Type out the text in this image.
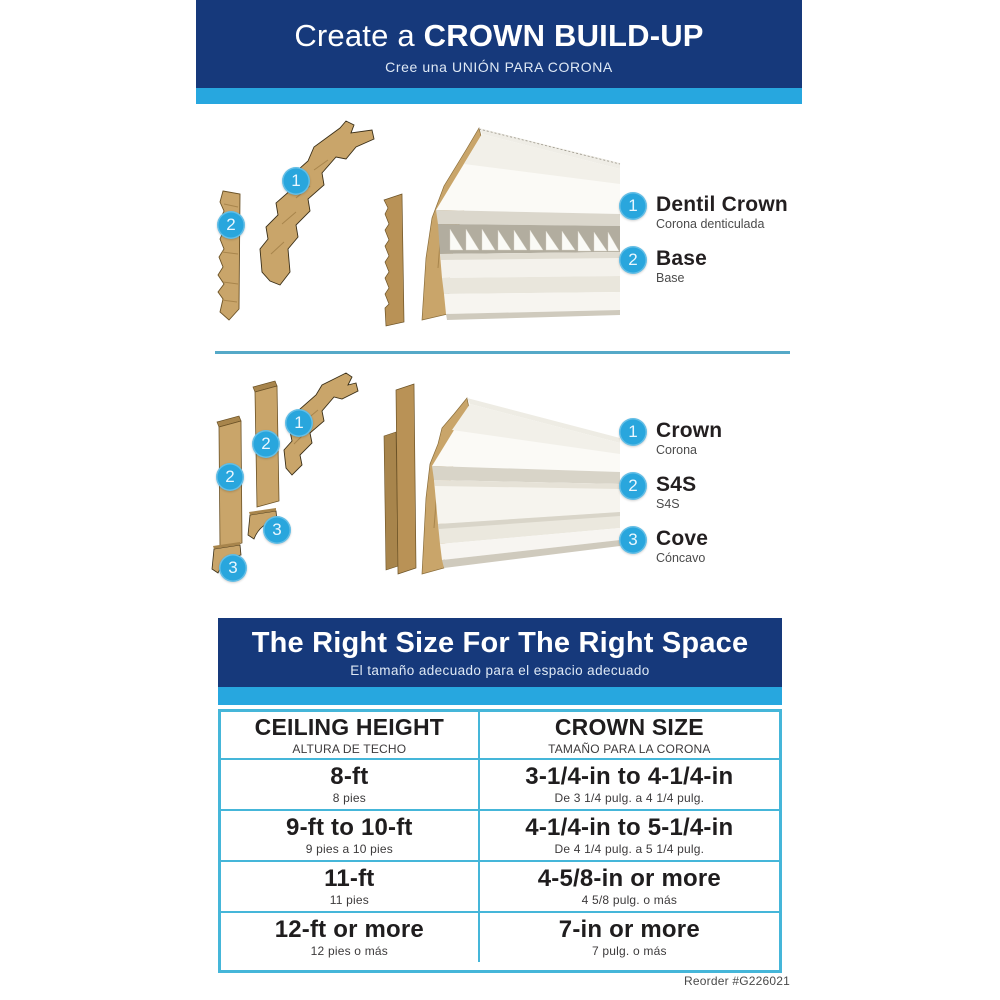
Create a CROWN BUILD-UP
Cree una UNIÓN PARA CORONA
1
2
1 Dentil Crown
Corona denticulada
2 Base
Base
1
2
2
3
3
1 Crown
Corona
2 S4S
S4S
3 Cove
Cóncavo
The Right Size For The Right Space
El tamaño adecuado para el espacio adecuado
CEILING HEIGHT
ALTURA DE TECHO
CROWN SIZE
TAMAÑO PARA LA CORONA
8-ft
8 pies
3-1/4-in to 4-1/4-in
De 3 1/4 pulg. a 4 1/4 pulg.
9-ft to 10-ft
9 pies a 10 pies
4-1/4-in to 5-1/4-in
De 4 1/4 pulg. a 5 1/4 pulg.
11-ft
11 pies
4-5/8-in or more
4 5/8 pulg. o más
12-ft or more
12 pies o más
7-in or more
7 pulg. o más
Reorder #G226021
